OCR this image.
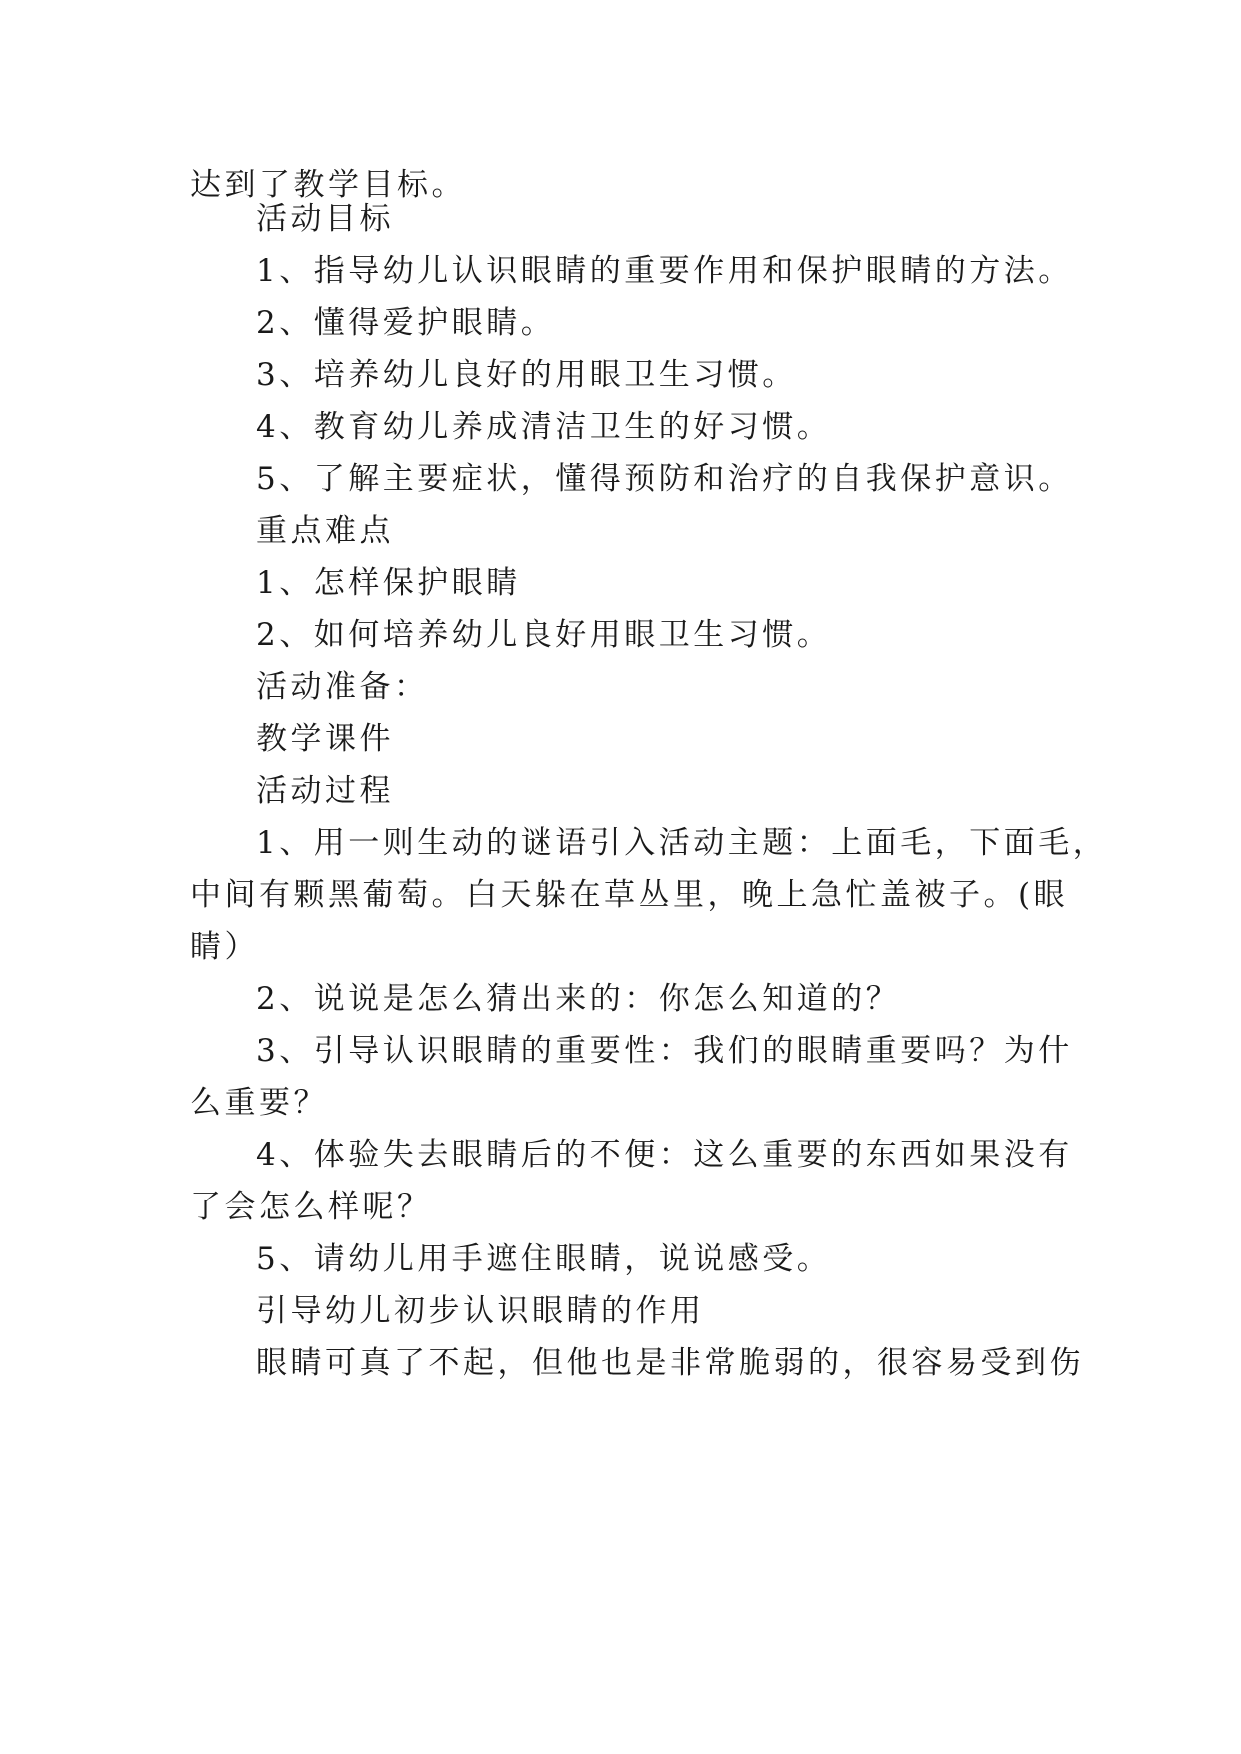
达到了教学目标。
活动目标
1、指导幼儿认识眼睛的重要作用和保护眼睛的方法。
2、懂得爱护眼睛。
3、培养幼儿良好的用眼卫生习惯。
4、教育幼儿养成清洁卫生的好习惯。
5、了解主要症状，懂得预防和治疗的自我保护意识。
重点难点
1、怎样保护眼睛
2、如何培养幼儿良好用眼卫生习惯。
活动准备：
教学课件
活动过程
1、用一则生动的谜语引入活动主题：上面毛，下面毛，
中间有颗黑葡萄。白天躲在草丛里，晚上急忙盖被子。(眼
睛）
2、说说是怎么猜出来的：你怎么知道的？
3、引导认识眼睛的重要性：我们的眼睛重要吗？为什
么重要？
4、体验失去眼睛后的不便：这么重要的东西如果没有
了会怎么样呢？
5、请幼儿用手遮住眼睛，说说感受。
引导幼儿初步认识眼睛的作用
眼睛可真了不起，但他也是非常脆弱的，很容易受到伤
